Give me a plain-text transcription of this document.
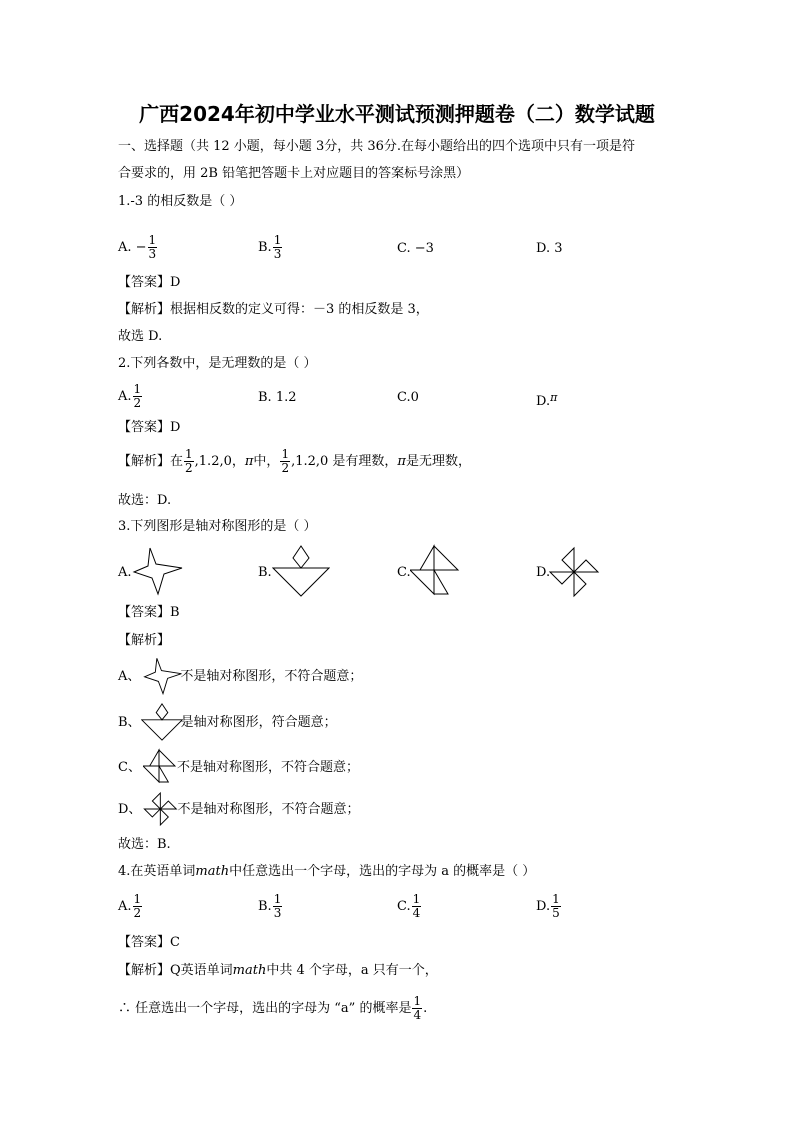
广西2024年初中学业水平测试预测押题卷（二）数学试题
一、选择题（共 12 小题，每小题 3分，共 36分.在每小题给出的四个选项中只有一项是符
合要求的，用 2B 铅笔把答题卡上对应题目的答案标号涂黑）
1.-3 的相反数是（ ）
A. − $\frac{1}{3}$	B. $\frac{1}{3}$	C. −3	D. 3
【答案】D
【解析】根据相反数的定义可得：－3 的相反数是 3，
故选 D.
2.下列各数中，是无理数的是（ ）
A. $\frac{1}{2}$	B. 1.2	C.0	D.$^\pi$
【答案】D
【解析】在 $\frac{1}{2} ,1.2,0$，π中， $\frac{1}{2} ,1.2,0$ 是有理数，π是无理数，
故选：D.
3.下列图形是轴对称图形的是（ ）
A.	B.	C.	D.
【答案】B
【解析】
A、	不是轴对称图形，不符合题意；
B、	是轴对称图形，符合题意；
C、	不是轴对称图形，不符合题意；
D、	不是轴对称图形，不符合题意；
故选：B.
4.在英语单词math中任意选出一个字母，选出的字母为 a 的概率是（ ）
A. $\frac{1}{2}$	B. $\frac{1}{3}$	C. $\frac{1}{4}$	D. $\frac{1}{5}$
【答案】C
【解析】Q英语单词math中共 4 个字母，a 只有一个，
∴ 任意选出一个字母，选出的字母为 “a” 的概率是 $\frac{1}{4}$ .
